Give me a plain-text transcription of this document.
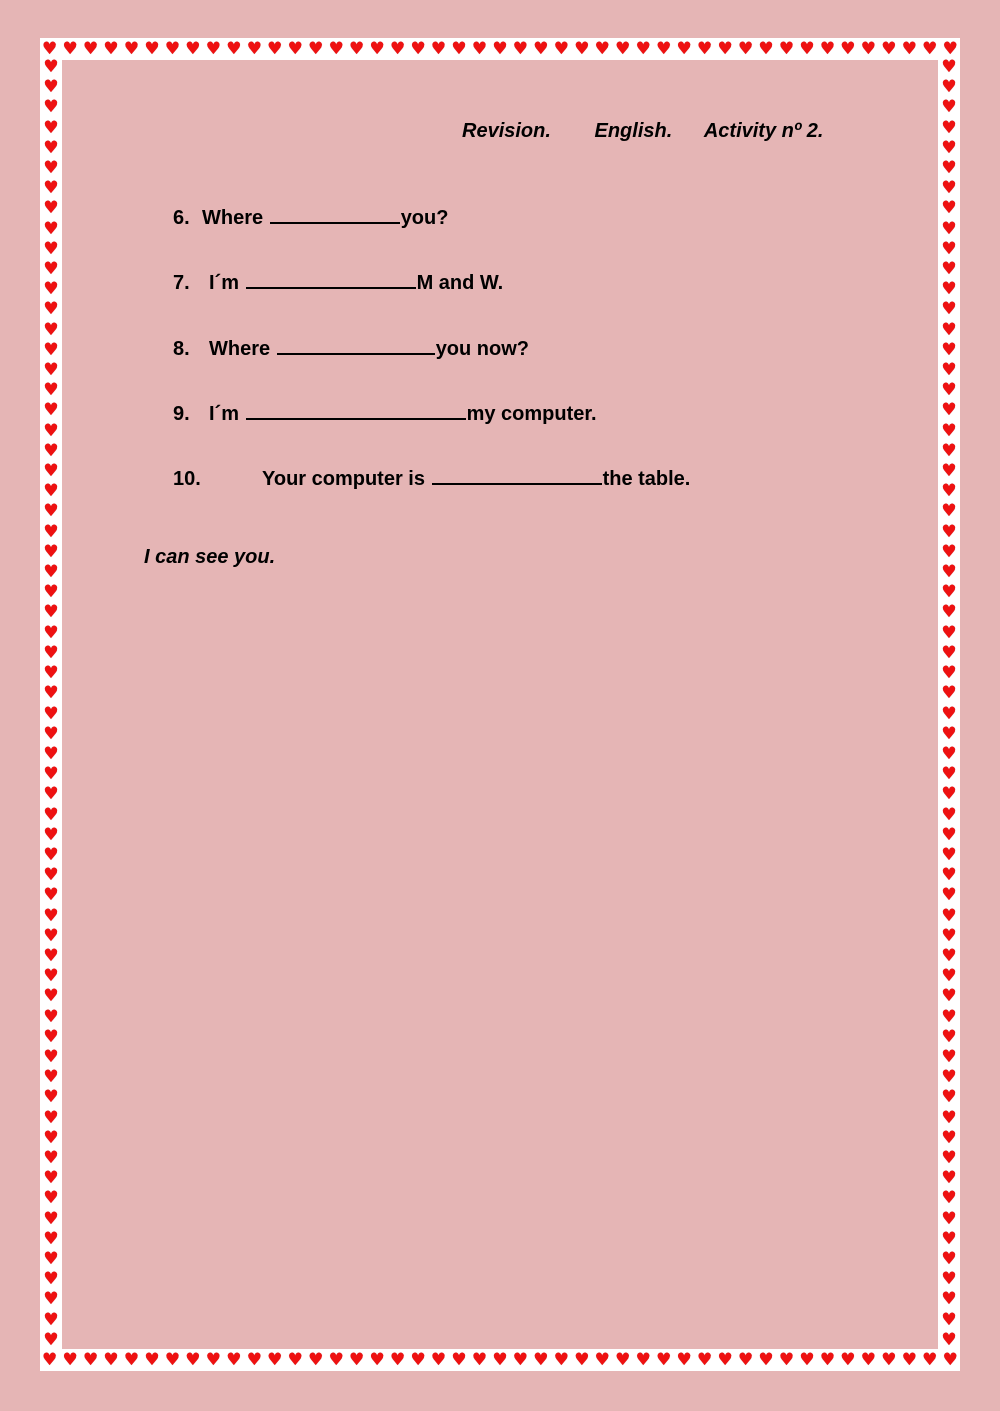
♥ ♥ ♥ ♥ ♥ ♥ ♥ ♥ ♥ ♥ ♥ ♥ ♥ ♥ ♥ ♥ ♥ ♥ ♥ ♥ ♥ ♥ ♥ ♥ ♥ ♥ ♥ ♥ ♥ ♥ ♥ ♥ ♥ ♥ ♥ ♥ ♥ ♥ ♥ ♥ ♥ ♥ ♥ ♥ ♥
♥ ♥ ♥ ♥ ♥ ♥ ♥ ♥ ♥ ♥ ♥ ♥ ♥ ♥ ♥ ♥ ♥ ♥ ♥ ♥ ♥ ♥ ♥ ♥ ♥ ♥ ♥ ♥ ♥ ♥ ♥ ♥ ♥ ♥ ♥ ♥ ♥ ♥ ♥ ♥ ♥ ♥ ♥ ♥ ♥
♥
♥
♥
♥
♥
♥
♥
♥
♥
♥
♥
♥
♥
♥
♥
♥
♥
♥
♥
♥
♥
♥
♥
♥
♥
♥
♥
♥
♥
♥
♥
♥
♥
♥
♥
♥
♥
♥
♥
♥
♥
♥
♥
♥
♥
♥
♥
♥
♥
♥
♥
♥
♥
♥
♥
♥
♥
♥
♥
♥
♥
♥
♥
♥
♥
♥
♥
♥
♥
♥
♥
♥
♥
♥
♥
♥
♥
♥
♥
♥
♥
♥
♥
♥
♥
♥
♥
♥
♥
♥
♥
♥
♥
♥
♥
♥
♥
♥
♥
♥
♥
♥
♥
♥
♥
♥
♥
♥
♥
♥
♥
♥
♥
♥
♥
♥
♥
♥
♥
♥
♥
♥
♥
♥
♥
♥
♥
♥
Revision. English. Activity nº 2.
6. Where	you?
7. I´m	M and W.
8. Where	you now?
9. I´m	my computer.
10.	Your computer is	the table.
I can see you.
